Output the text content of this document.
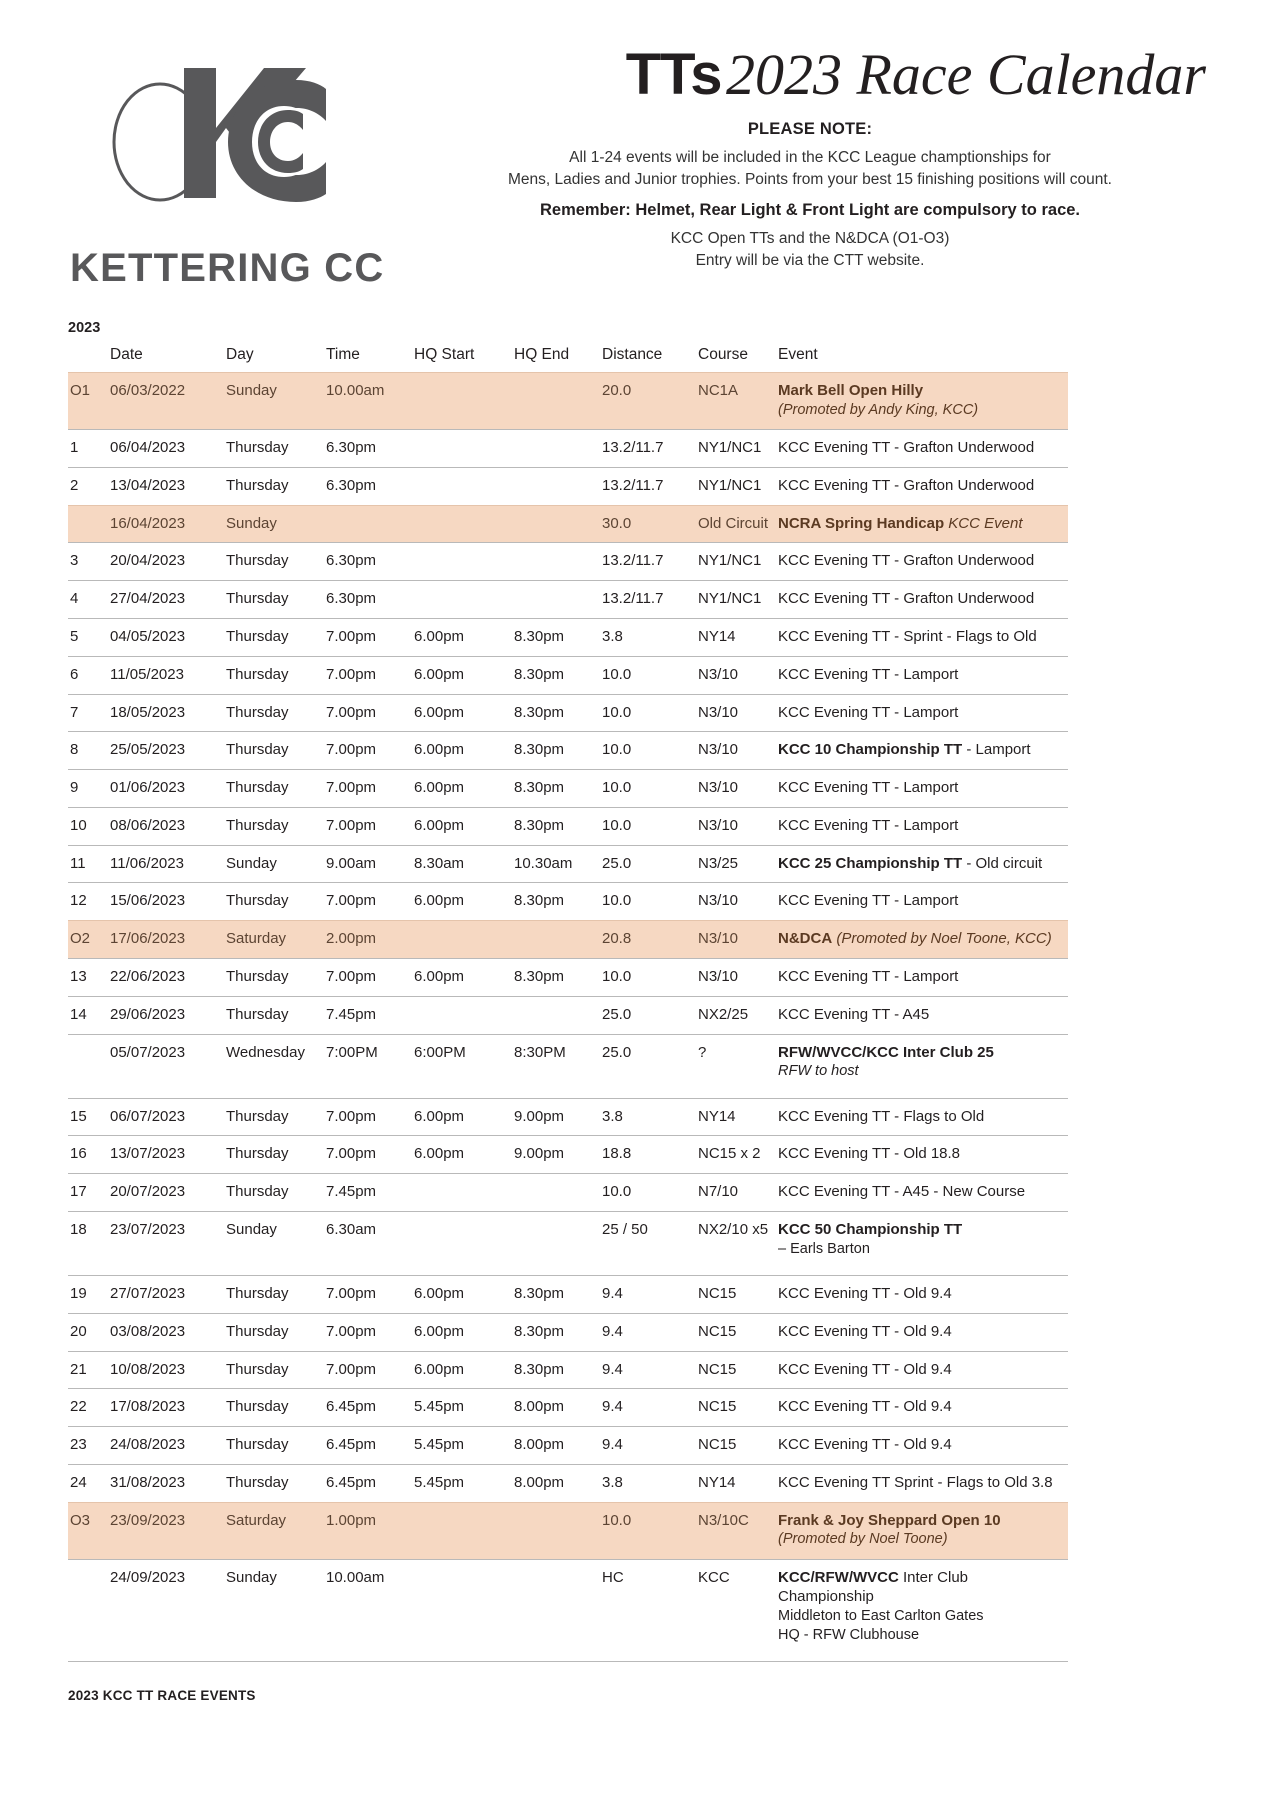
KETTERING CC
TTs 2023 Race Calendar
PLEASE NOTE:
All 1-24 events will be included in the KCC League champtionships for
Mens, Ladies and Junior trophies. Points from your best 15 finishing positions will count.
Remember: Helmet, Rear Light & Front Light are compulsory to race.
KCC Open TTs and the N&DCA (O1-O3)
Entry will be via the CTT website.
2023
	Date	Day	Time	HQ Start	HQ End	Distance	Course	Event
O1	06/03/2022	Sunday	10.00am			20.0	NC1A	Mark Bell Open Hilly
(Promoted by Andy King, KCC)

1	06/04/2023	Thursday	6.30pm			13.2/11.7	NY1/NC1	KCC Evening TT - Grafton Underwood
2	13/04/2023	Thursday	6.30pm			13.2/11.7	NY1/NC1	KCC Evening TT - Grafton Underwood
	16/04/2023	Sunday				30.0	Old Circuit	NCRA Spring Handicap KCC Event
3	20/04/2023	Thursday	6.30pm			13.2/11.7	NY1/NC1	KCC Evening TT - Grafton Underwood
4	27/04/2023	Thursday	6.30pm			13.2/11.7	NY1/NC1	KCC Evening TT - Grafton Underwood
5	04/05/2023	Thursday	7.00pm	6.00pm	8.30pm	3.8	NY14	KCC Evening TT - Sprint - Flags to Old
6	11/05/2023	Thursday	7.00pm	6.00pm	8.30pm	10.0	N3/10	KCC Evening TT - Lamport
7	18/05/2023	Thursday	7.00pm	6.00pm	8.30pm	10.0	N3/10	KCC Evening TT - Lamport
8	25/05/2023	Thursday	7.00pm	6.00pm	8.30pm	10.0	N3/10	KCC 10 Championship TT - Lamport
9	01/06/2023	Thursday	7.00pm	6.00pm	8.30pm	10.0	N3/10	KCC Evening TT - Lamport
10	08/06/2023	Thursday	7.00pm	6.00pm	8.30pm	10.0	N3/10	KCC Evening TT - Lamport
11	11/06/2023	Sunday	9.00am	8.30am	10.30am	25.0	N3/25	KCC 25 Championship TT - Old circuit
12	15/06/2023	Thursday	7.00pm	6.00pm	8.30pm	10.0	N3/10	KCC Evening TT - Lamport
O2	17/06/2023	Saturday	2.00pm			20.8	N3/10	N&DCA (Promoted by Noel Toone, KCC)
13	22/06/2023	Thursday	7.00pm	6.00pm	8.30pm	10.0	N3/10	KCC Evening TT - Lamport
14	29/06/2023	Thursday	7.45pm			25.0	NX2/25	KCC Evening TT - A45
	05/07/2023	Wednesday	7:00PM	6:00PM	8:30PM	25.0	?	RFW/WVCC/KCC Inter Club 25
RFW to host

15	06/07/2023	Thursday	7.00pm	6.00pm	9.00pm	3.8	NY14	KCC Evening TT - Flags to Old
16	13/07/2023	Thursday	7.00pm	6.00pm	9.00pm	18.8	NC15 x 2	KCC Evening TT - Old 18.8
17	20/07/2023	Thursday	7.45pm			10.0	N7/10	KCC Evening TT - A45 - New Course
18	23/07/2023	Sunday	6.30am			25 / 50	NX2/10 x5	KCC 50 Championship TT
– Earls Barton

19	27/07/2023	Thursday	7.00pm	6.00pm	8.30pm	9.4	NC15	KCC Evening TT - Old 9.4
20	03/08/2023	Thursday	7.00pm	6.00pm	8.30pm	9.4	NC15	KCC Evening TT - Old 9.4
21	10/08/2023	Thursday	7.00pm	6.00pm	8.30pm	9.4	NC15	KCC Evening TT - Old 9.4
22	17/08/2023	Thursday	6.45pm	5.45pm	8.00pm	9.4	NC15	KCC Evening TT - Old 9.4
23	24/08/2023	Thursday	6.45pm	5.45pm	8.00pm	9.4	NC15	KCC Evening TT - Old 9.4
24	31/08/2023	Thursday	6.45pm	5.45pm	8.00pm	3.8	NY14	KCC Evening TT Sprint - Flags to Old 3.8
O3	23/09/2023	Saturday	1.00pm			10.0	N3/10C	Frank & Joy Sheppard Open 10
(Promoted by Noel Toone)

	24/09/2023	Sunday	10.00am			HC	KCC	KCC/RFW/WVCC Inter Club Championship
Middleton to East Carlton Gates
HQ - RFW Clubhouse
2023 KCC TT RACE EVENTS
